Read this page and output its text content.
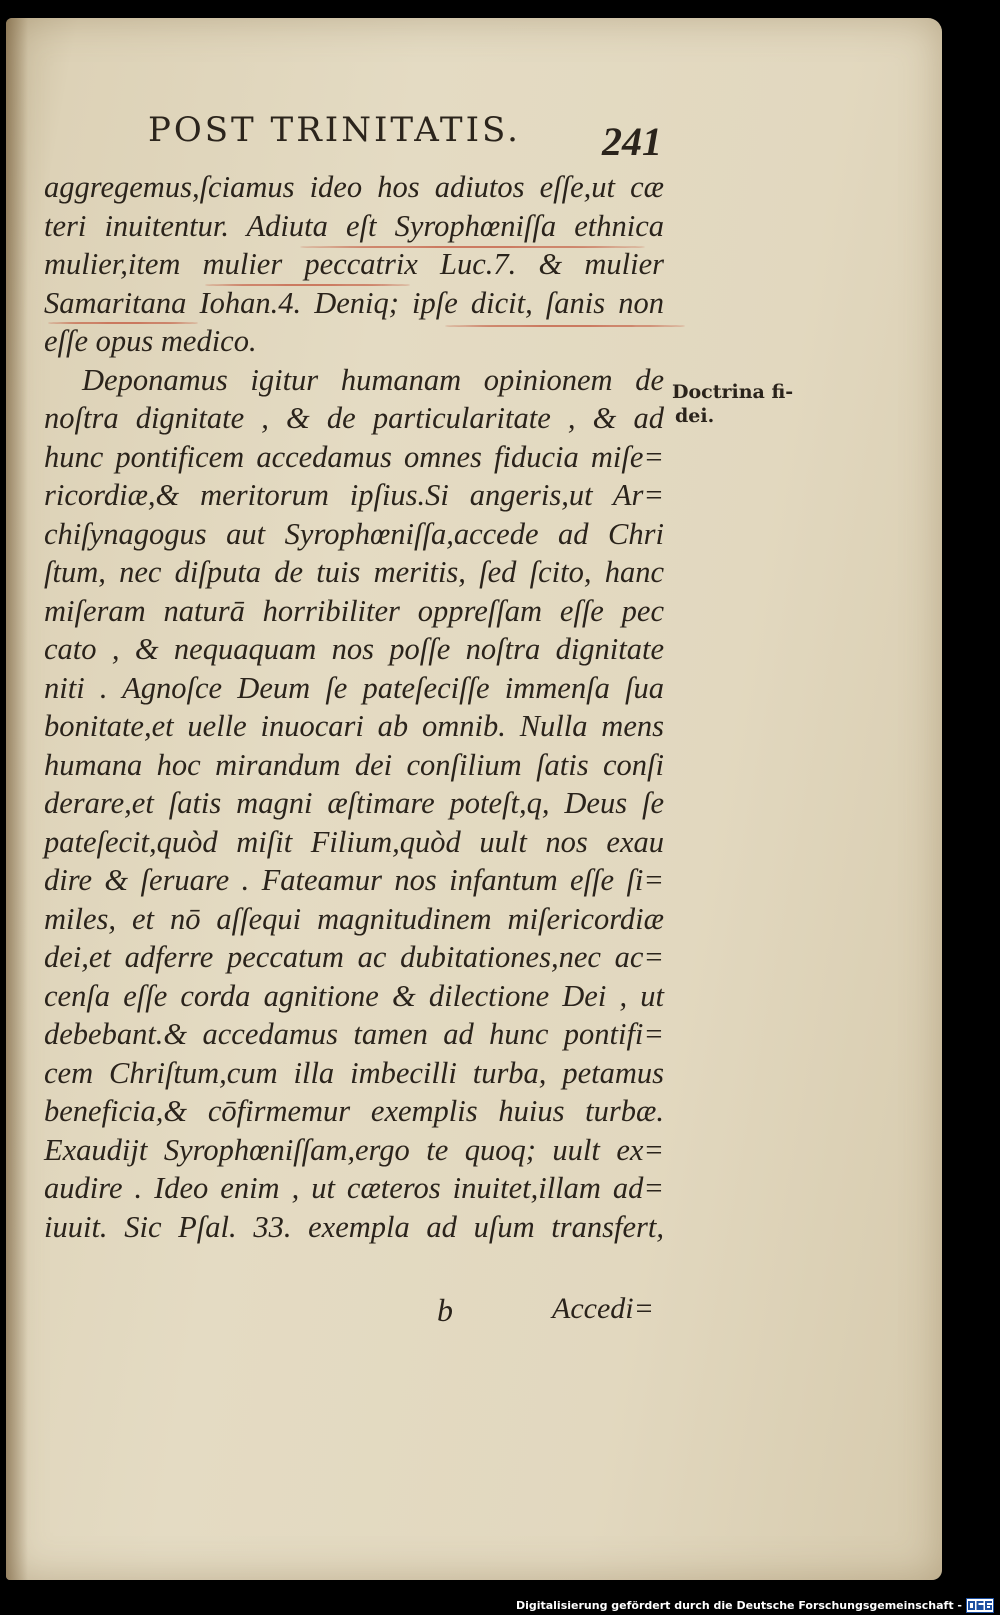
POST TRINITATIS.	241
aggregemus,ſciamus ideo hos adiutos eſſe,ut cæ
teri inuitentur. Adiuta eſt Syrophœniſſa ethnica
mulier,item mulier peccatrix Luc.7. & mulier
Samaritana Iohan.4. Deniq; ipſe dicit, ſanis non
eſſe opus medico.
Deponamus igitur humanam opinionem de
noſtra dignitate , & de particularitate , & ad
hunc pontificem accedamus omnes fiducia miſe=
ricordiæ,& meritorum ipſius.Si angeris,ut Ar=
chiſynagogus aut Syrophœniſſa,accede ad Chri
ſtum, nec diſputa de tuis meritis, ſed ſcito, hanc
miſeram naturā horribiliter oppreſſam eſſe pec
cato , & nequaquam nos poſſe noſtra dignitate
niti . Agnoſce Deum ſe pateſeciſſe immenſa ſua
bonitate,et uelle inuocari ab omnib. Nulla mens
humana hoc mirandum dei conſilium ſatis conſi
derare,et ſatis magni æſtimare poteſt,q, Deus ſe
pateſecit,quòd miſit Filium,quòd uult nos exau
dire & ſeruare . Fateamur nos infantum eſſe ſi=
miles, et nō aſſequi magnitudinem miſericordiæ
dei,et adferre peccatum ac dubitationes,nec ac=
cenſa eſſe corda agnitione & dilectione Dei , ut
debebant.& accedamus tamen ad hunc pontifi=
cem Chriſtum,cum illa imbecilli turba, petamus
beneficia,& cōfirmemur exemplis huius turbæ.
Exaudijt Syrophœniſſam,ergo te quoq; uult ex=
audire . Ideo enim , ut cæteros inuitet,illam ad=
iuuit. Sic Pſal. 33. exempla ad uſum transfert,
Doctrina fi-
dei.
b	Accedi=
Digitalisierung gefördert durch die Deutsche Forschungsgemeinschaft -
